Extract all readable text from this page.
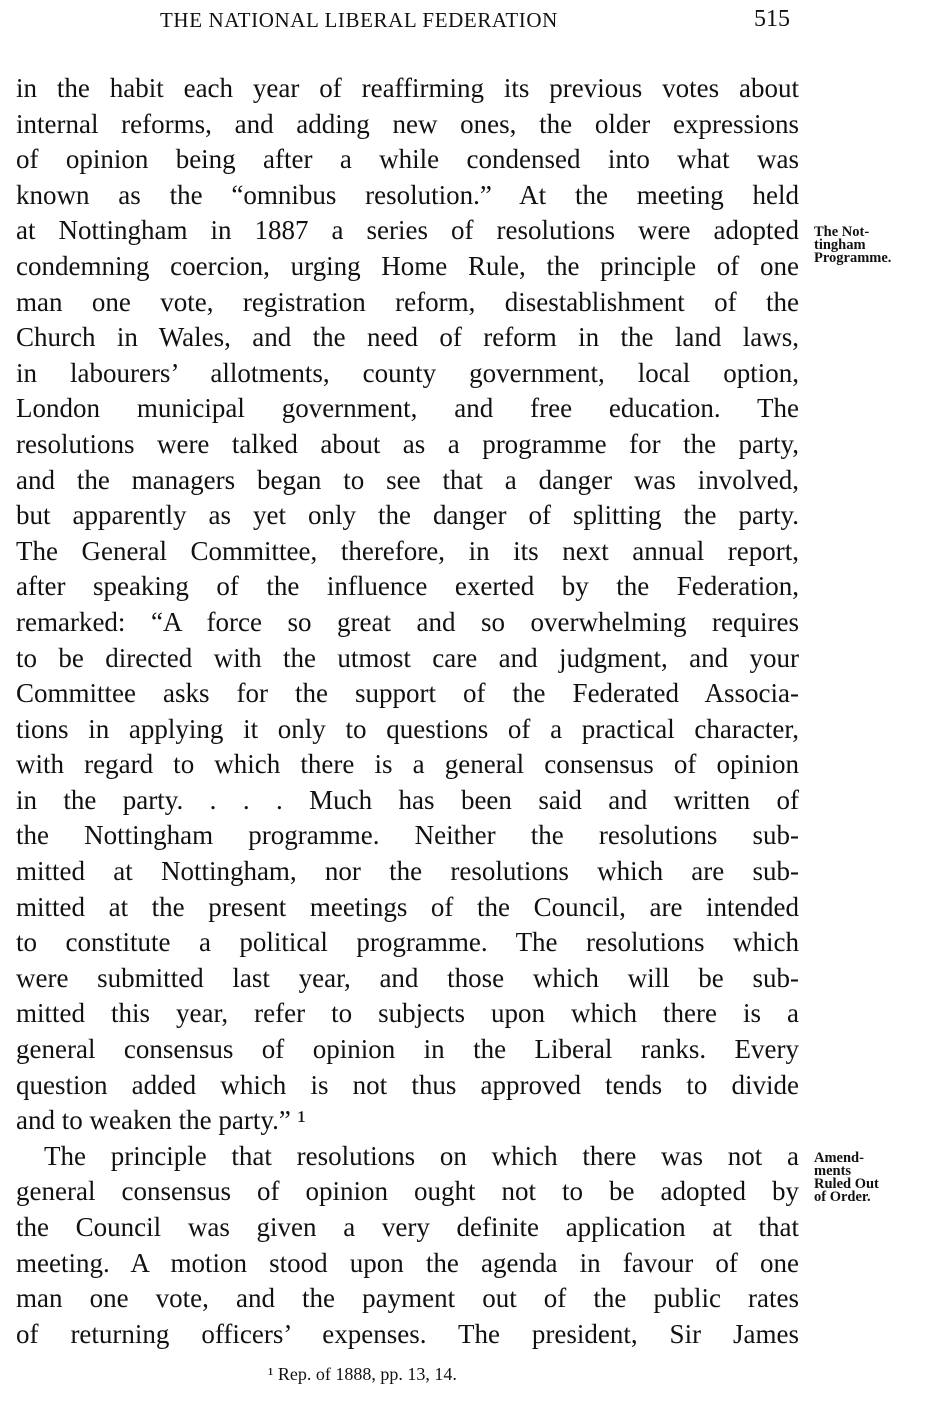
THE NATIONAL LIBERAL FEDERATION	515
in the habit each year of reaffirming its previous votes about
internal reforms, and adding new ones, the older expressions
of opinion being after a while condensed into what was
known as the “omnibus resolution.” At the meeting held
at Nottingham in 1887 a series of resolutions were adopted
condemning coercion, urging Home Rule, the principle of one
man one vote, registration reform, disestablishment of the
Church in Wales, and the need of reform in the land laws,
in labourers’ allotments, county government, local option,
London municipal government, and free education. The
resolutions were talked about as a programme for the party,
and the managers began to see that a danger was involved,
but apparently as yet only the danger of splitting the party.
The General Committee, therefore, in its next annual report,
after speaking of the influence exerted by the Federation,
remarked: “A force so great and so overwhelming requires
to be directed with the utmost care and judgment, and your
Committee asks for the support of the Federated Associa-
tions in applying it only to questions of a practical character,
with regard to which there is a general consensus of opinion
in the party. . . . Much has been said and written of
the Nottingham programme. Neither the resolutions sub-
mitted at Nottingham, nor the resolutions which are sub-
mitted at the present meetings of the Council, are intended
to constitute a political programme. The resolutions which
were submitted last year, and those which will be sub-
mitted this year, refer to subjects upon which there is a
general consensus of opinion in the Liberal ranks. Every
question added which is not thus approved tends to divide
and to weaken the party.” ¹
The principle that resolutions on which there was not a
general consensus of opinion ought not to be adopted by
the Council was given a very definite application at that
meeting. A motion stood upon the agenda in favour of one
man one vote, and the payment out of the public rates
of returning officers’ expenses. The president, Sir James
The Not-
tingham
Programme.
Amend-
ments
Ruled Out
of Order.
¹ Rep. of 1888, pp. 13, 14.
